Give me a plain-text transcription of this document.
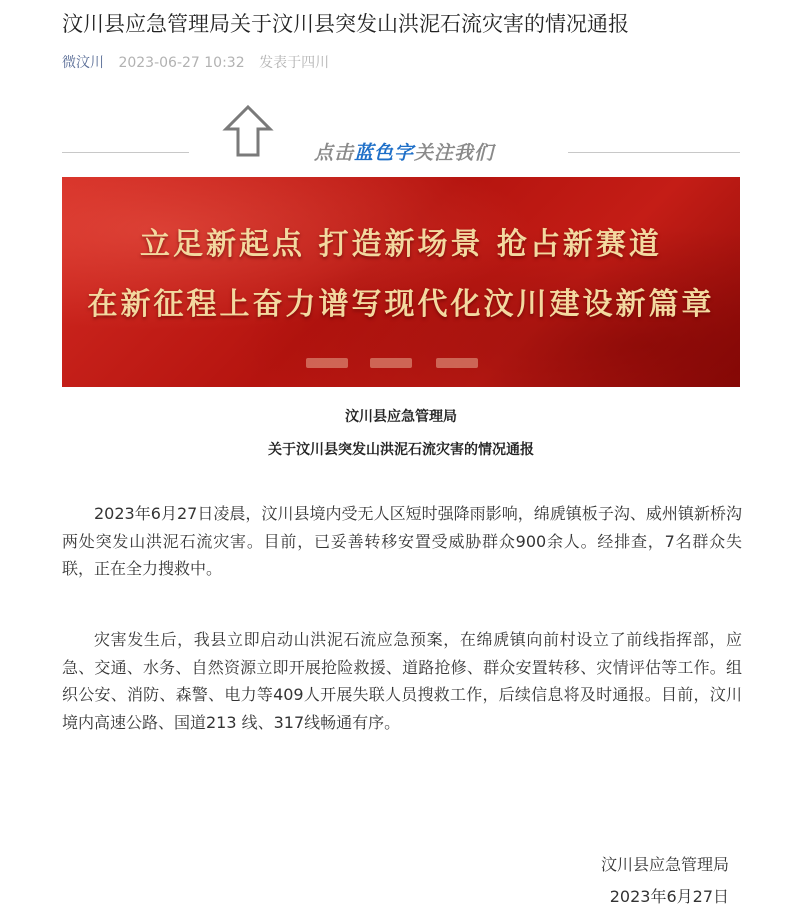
汶川县应急管理局关于汶川县突发山洪泥石流灾害的情况通报
微汶川 2023-06-27 10:32 发表于四川
点击蓝色字关注我们
立足新起点 打造新场景 抢占新赛道
在新征程上奋力谱写现代化汶川建设新篇章
汶川县应急管理局
关于汶川县突发山洪泥石流灾害的情况通报

2023年6月27日凌晨，汶川县境内受无人区短时强降雨影响，绵虒镇板子沟、威州镇新桥沟两处突发山洪泥石流灾害。目前，已妥善转移安置受威胁群众900余人。经排查，7名群众失联，正在全力搜救中。

灾害发生后，我县立即启动山洪泥石流应急预案，在绵虒镇向前村设立了前线指挥部，应急、交通、水务、自然资源立即开展抢险救援、道路抢修、群众安置转移、灾情评估等工作。组织公安、消防、森警、电力等409人开展失联人员搜救工作，后续信息将及时通报。目前，汶川境内高速公路、国道213 线、317线畅通有序。

汶川县应急管理局
2023年6月27日
